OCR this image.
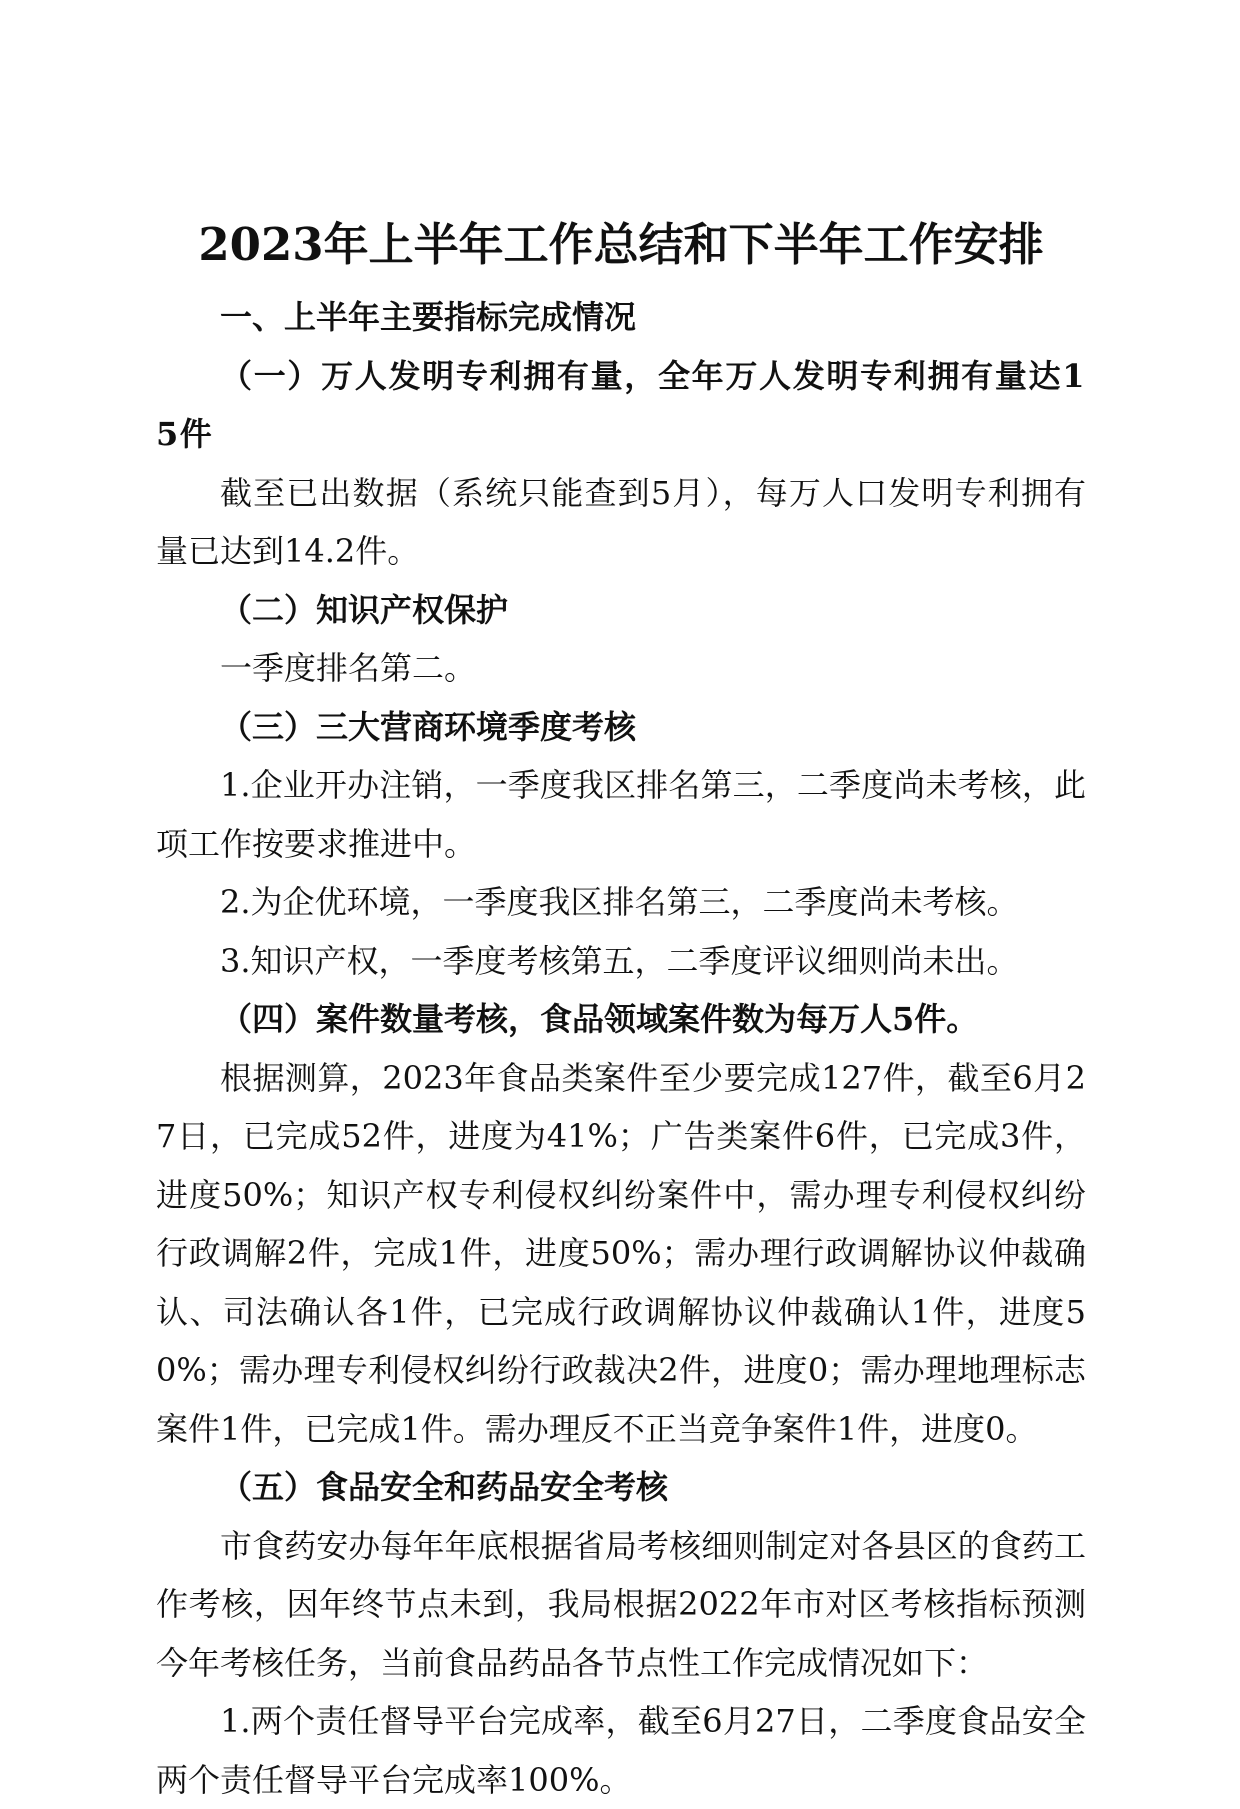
2023年上半年工作总结和下半年工作安排

一、上半年主要指标完成情况

（一）万人发明专利拥有量，全年万人发明专利拥有量达15件

截至已出数据（系统只能查到5月），每万人口发明专利拥有量已达到14.2件。

（二）知识产权保护

一季度排名第二。

（三）三大营商环境季度考核

1.企业开办注销，一季度我区排名第三，二季度尚未考核，此项工作按要求推进中。

2.为企优环境，一季度我区排名第三，二季度尚未考核。

3.知识产权，一季度考核第五，二季度评议细则尚未出。

（四）案件数量考核，食品领域案件数为每万人5件。

根据测算，2023年食品类案件至少要完成127件，截至6月27日，已完成52件，进度为41%；广告类案件6件，已完成3件，进度50%；知识产权专利侵权纠纷案件中，需办理专利侵权纠纷行政调解2件，完成1件，进度50%；需办理行政调解协议仲裁确认、司法确认各1件，已完成行政调解协议仲裁确认1件，进度50%；需办理专利侵权纠纷行政裁决2件，进度0；需办理地理标志案件1件，已完成1件。需办理反不正当竞争案件1件，进度0。

（五）食品安全和药品安全考核

市食药安办每年年底根据省局考核细则制定对各县区的食药工作考核，因年终节点未到，我局根据2022年市对区考核指标预测今年考核任务，当前食品药品各节点性工作完成情况如下：

1.两个责任督导平台完成率，截至6月27日，二季度食品安全两个责任督导平台完成率100%。
